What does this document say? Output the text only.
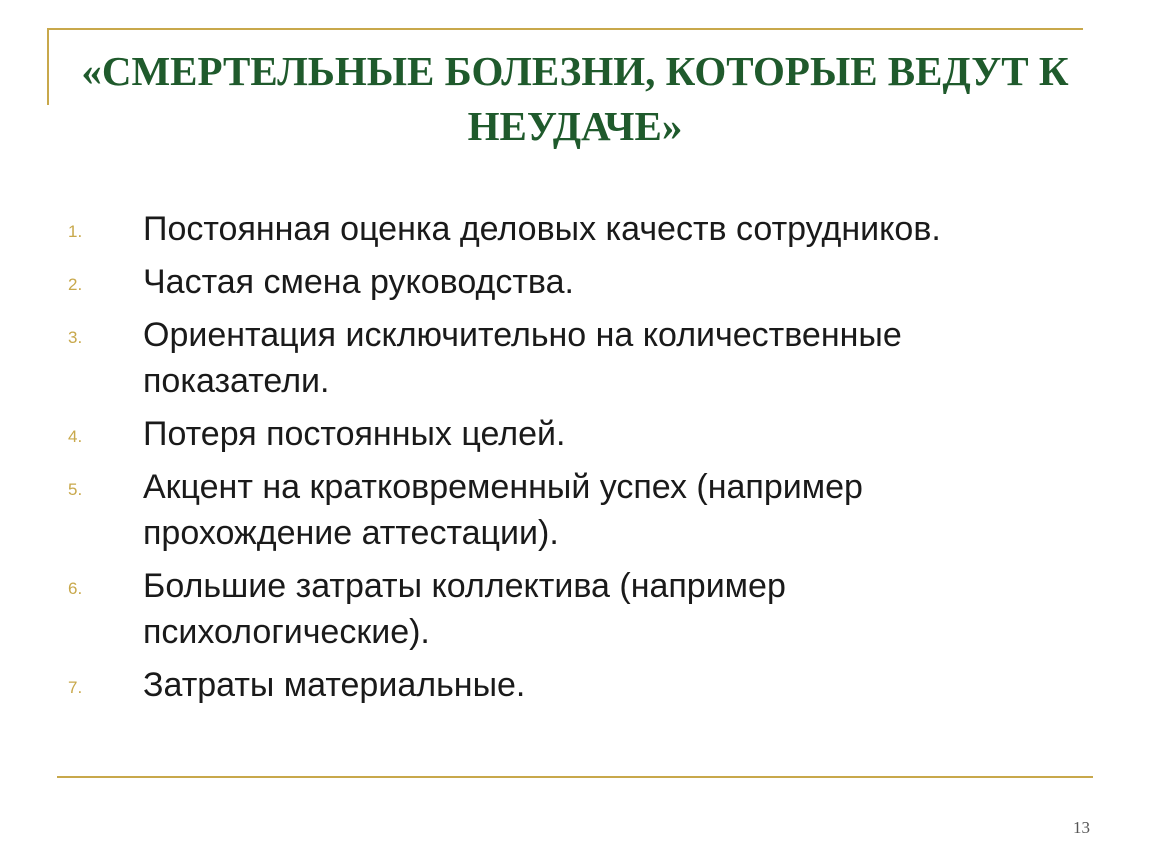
«СМЕРТЕЛЬНЫЕ БОЛЕЗНИ, КОТОРЫЕ ВЕДУТ К НЕУДАЧЕ»
1.	Постоянная оценка деловых качеств сотрудников.
2.	Частая смена руководства.
3.	Ориентация исключительно на количественные показатели.
4.	Потеря постоянных целей.
5.	Акцент на кратковременный успех (например прохождение аттестации).
6.	Большие затраты коллектива (например психологические).
7.	Затраты материальные.
13
